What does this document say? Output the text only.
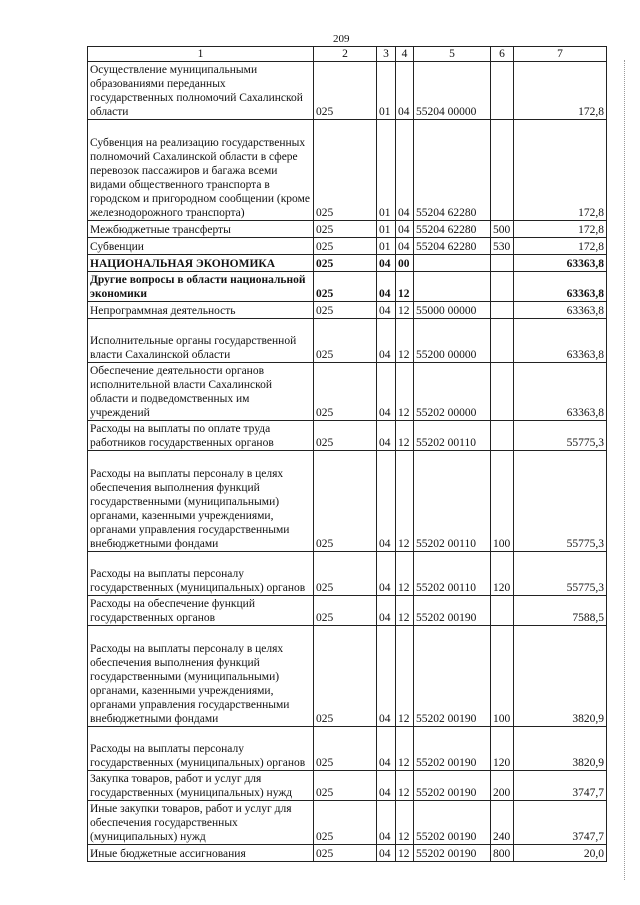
209
1	2	3	4	5	6	7
Осуществление муниципальными образованиями переданных государственных полномочий Сахалинской области	025	01	04	55204 00000		172,8
Субвенция на реализацию государственных полномочий Сахалинской области в сфере перевозок пассажиров и багажа всеми видами общественного транспорта в городском и пригородном сообщении (кроме железнодорожного транспорта)	025	01	04	55204 62280		172,8
Межбюджетные трансферты	025	01	04	55204 62280	500	172,8
Субвенции	025	01	04	55204 62280	530	172,8
НАЦИОНАЛЬНАЯ ЭКОНОМИКА	025	04	00			63363,8
Другие вопросы в области национальной экономики	025	04	12			63363,8
Непрограммная деятельность	025	04	12	55000 00000		63363,8
Исполнительные органы государственной власти Сахалинской области	025	04	12	55200 00000		63363,8
Обеспечение деятельности органов исполнительной власти Сахалинской области и подведомственных им учреждений	025	04	12	55202 00000		63363,8
Расходы на выплаты по оплате труда работников государственных органов	025	04	12	55202 00110		55775,3
Расходы на выплаты персоналу в целях обеспечения выполнения функций государственными (муниципальными) органами, казенными учреждениями, органами управления государственными внебюджетными фондами	025	04	12	55202 00110	100	55775,3
Расходы на выплаты персоналу государственных (муниципальных) органов	025	04	12	55202 00110	120	55775,3
Расходы на обеспечение функций государственных органов	025	04	12	55202 00190		7588,5
Расходы на выплаты персоналу в целях обеспечения выполнения функций государственными (муниципальными) органами, казенными учреждениями, органами управления государственными внебюджетными фондами	025	04	12	55202 00190	100	3820,9
Расходы на выплаты персоналу государственных (муниципальных) органов	025	04	12	55202 00190	120	3820,9
Закупка товаров, работ и услуг для государственных (муниципальных) нужд	025	04	12	55202 00190	200	3747,7
Иные закупки товаров, работ и услуг для обеспечения государственных (муниципальных) нужд	025	04	12	55202 00190	240	3747,7
Иные бюджетные ассигнования	025	04	12	55202 00190	800	20,0
